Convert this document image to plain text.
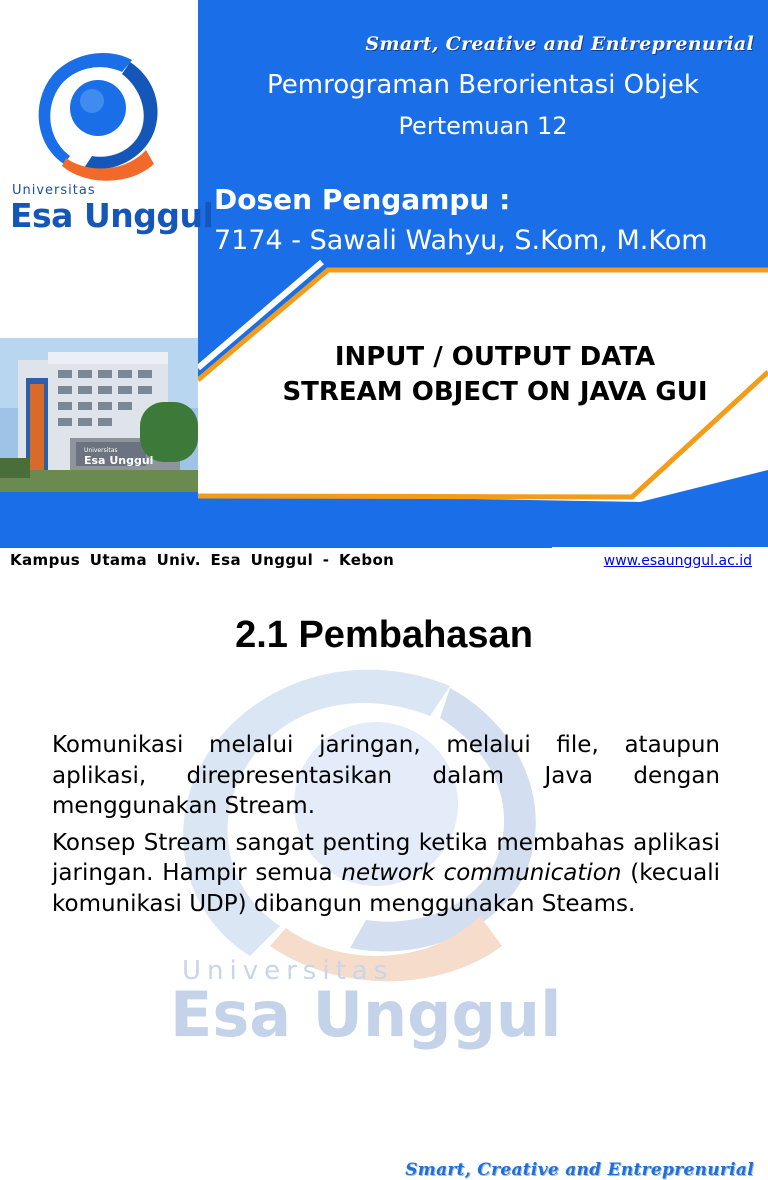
Smart, Creative and Entreprenurial
Pemrograman Berorientasi Objek
Pertemuan 12
Dosen Pengampu :
7174 - Sawali Wahyu, S.Kom, M.Kom
INPUT / OUTPUT DATA
STREAM OBJECT ON JAVA GUI
Universitas
Esa Unggul
Universitas
Esa Unggul
Kampus Utama Univ. Esa Unggul - Kebon	www.esaunggul.ac.id
Universitas
Esa Unggul
Smart, Creative and Entreprenurial
2.1 Pembahasan

Komunikasi melalui jaringan, melalui file, ataupun aplikasi, direpresentasikan dalam Java dengan menggunakan Stream.

Konsep Stream sangat penting ketika membahas aplikasi jaringan. Hampir semua network communication (kecuali komunikasi UDP) dibangun menggunakan Steams.
